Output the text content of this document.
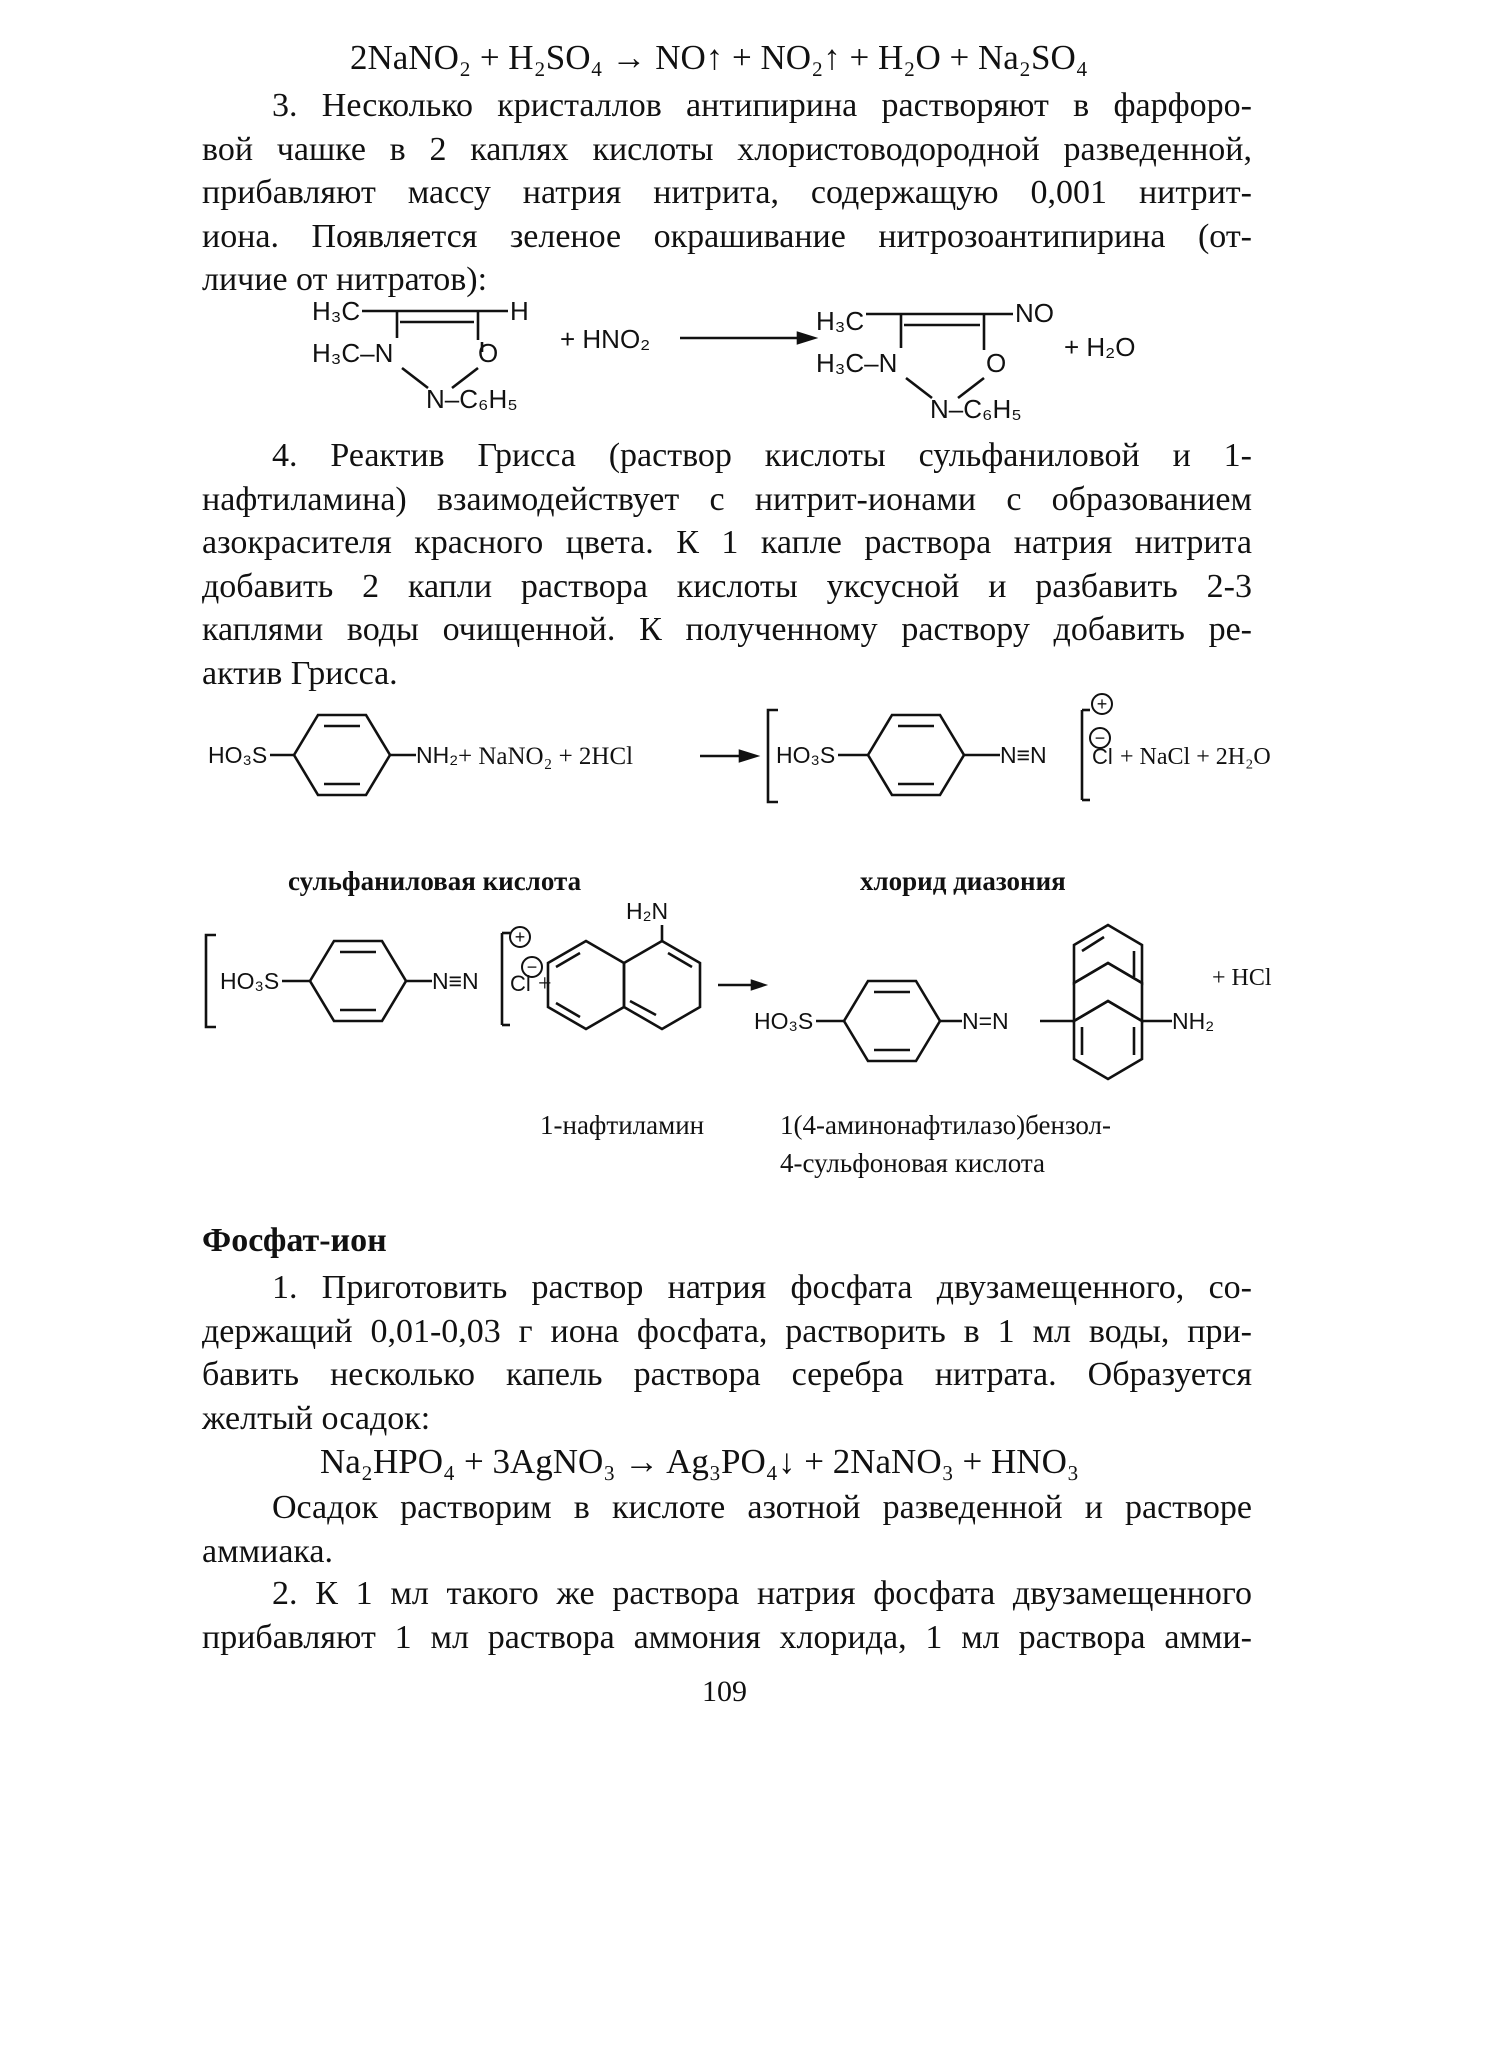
2NaNO₂ + H₂SO₄ → NO↑ + NO₂↑ + H₂O + Na₂SO₄
3. Несколько кристаллов антипирина растворяют в фарфоро-
вой чашке в 2 каплях кислоты хлористоводородной разведенной,
прибавляют массу натрия нитрита, содержащую 0,001 нитрит-
иона. Появляется зеленое окрашивание нитрозоантипирина (от-
личие от нитратов):
H₃C	H
H₃C–N	O
N–C₆H₅
+ HNO₂
H₃C	NO
H₃C–N	O
N–C₆H₅
+ H₂O
4. Реактив Грисса (раствор кислоты сульфаниловой и 1-
нафтиламина) взаимодействует с нитрит-ионами с образованием
азокрасителя красного цвета. К 1 капле раствора натрия нитрита
добавить 2 капли раствора кислоты уксусной и разбавить 2-3
каплями воды очищенной. К полученному раствору добавить ре-
актив Грисса.
HO₃S	NH₂ + NaNO₂ + 2HCl	HO₃S	N≡N
+
−
Cl + NaCl + 2H₂O
сульфаниловая кислота	хлорид диазония
HO₃S	N≡N
+
−
Cl +
H₂N
HO₃S	N=N	NH₂
+ HCl
1-нафтиламин	1(4-аминонафтилазо)бензол-
4-сульфоновая кислота
Фосфат-ион
1. Приготовить раствор натрия фосфата двузамещенного, со-
держащий 0,01-0,03 г иона фосфата, растворить в 1 мл воды, при-
бавить несколько капель раствора серебра нитрата. Образуется
желтый осадок:
Na₂HPO₄ + 3AgNO₃ → Ag₃PO₄↓ + 2NaNO₃ + HNO₃
Осадок растворим в кислоте азотной разведенной и растворе
аммиака.
2. К 1 мл такого же раствора натрия фосфата двузамещенного
прибавляют 1 мл раствора аммония хлорида, 1 мл раствора амми-
109
